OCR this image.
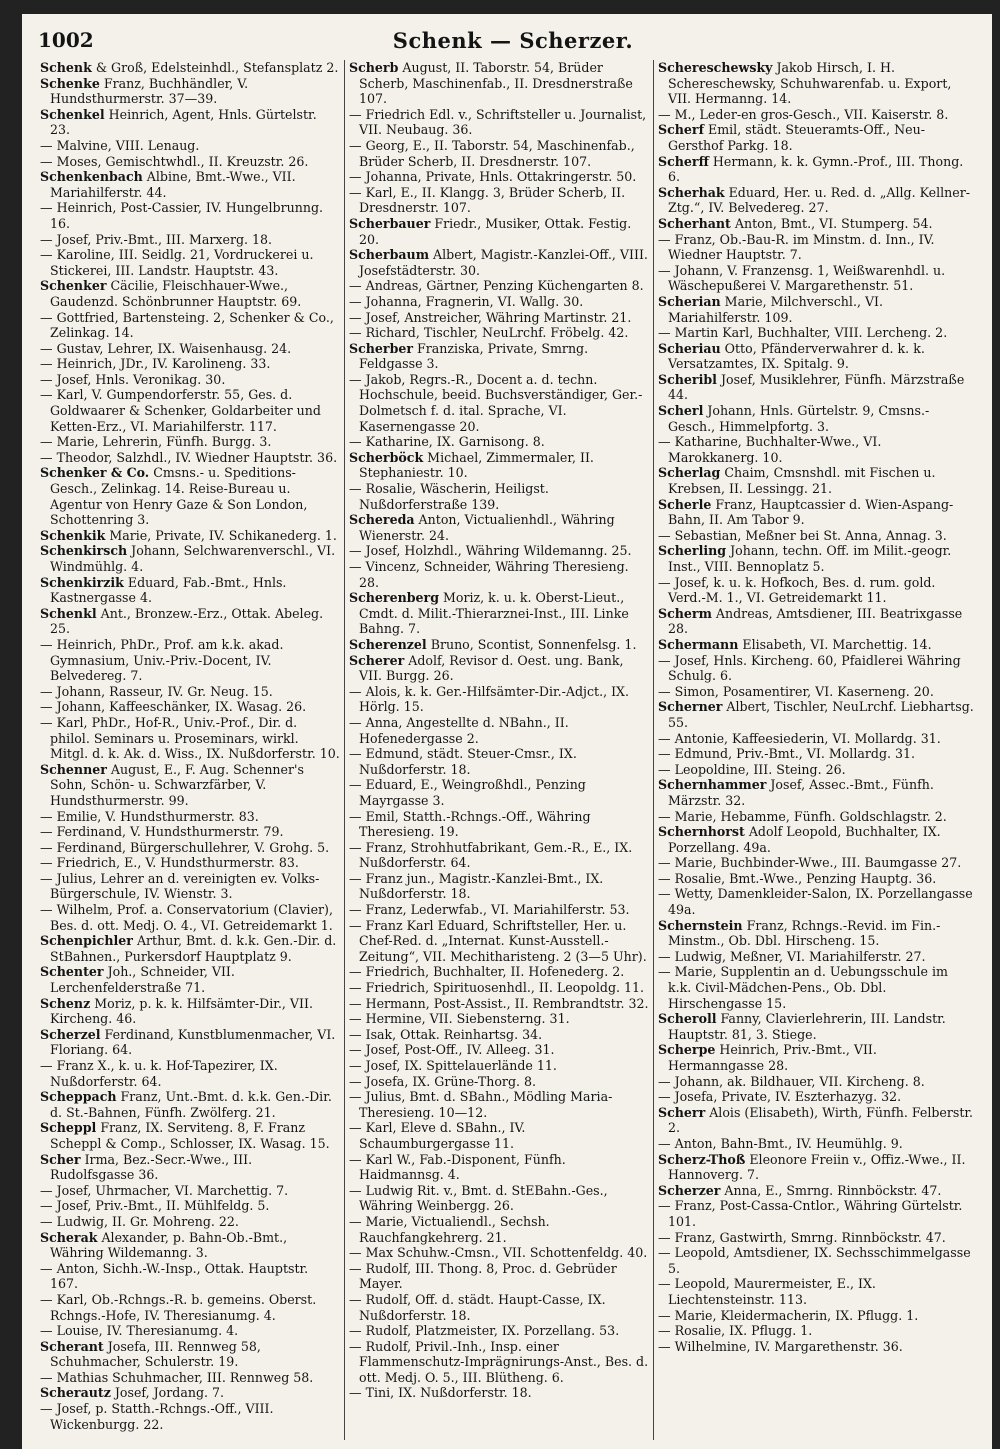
1002	Schenk — Scherzer.

Schenk & Groß, Edelsteinhdl., Stefansplatz 2.

Schenke Franz, Buchhändler, V. Hundsthurmerstr. 37—39.

Schenkel Heinrich, Agent, Hnls. Gürtelstr. 23.

— Malvine, VIII. Lenaug.

— Moses, Gemischtwhdl., II. Kreuzstr. 26.

Schenkenbach Albine, Bmt.-Wwe., VII. Mariahilferstr. 44.

— Heinrich, Post-Cassier, IV. Hungelbrunng. 16.

— Josef, Priv.-Bmt., III. Marxerg. 18.

— Karoline, III. Seidlg. 21, Vordruckerei u. Stickerei, III. Landstr. Hauptstr. 43.

Schenker Cäcilie, Fleischhauer-Wwe., Gaudenzd. Schönbrunner Hauptstr. 69.

— Gottfried, Bartensteing. 2, Schenker & Co., Zelinkag. 14.

— Gustav, Lehrer, IX. Waisenhausg. 24.

— Heinrich, JDr., IV. Karolineng. 33.

— Josef, Hnls. Veronikag. 30.

— Karl, V. Gumpendorferstr. 55, Ges. d. Goldwaarer & Schenker, Goldarbeiter und Ketten-Erz., VI. Mariahilferstr. 117.

— Marie, Lehrerin, Fünfh. Burgg. 3.

— Theodor, Salzhdl., IV. Wiedner Hauptstr. 36.

Schenker & Co. Cmsns.- u. Speditions-Gesch., Zelinkag. 14. Reise-Bureau u. Agentur von Henry Gaze & Son London, Schottenring 3.

Schenkik Marie, Private, IV. Schikanederg. 1.

Schenkirsch Johann, Selchwarenverschl., VI. Windmühlg. 4.

Schenkirzik Eduard, Fab.-Bmt., Hnls. Kastnergasse 4.

Schenkl Ant., Bronzew.-Erz., Ottak. Abeleg. 25.

— Heinrich, PhDr., Prof. am k.k. akad. Gymnasium, Univ.-Priv.-Docent, IV. Belvedereg. 7.

— Johann, Rasseur, IV. Gr. Neug. 15.

— Johann, Kaffeeschänker, IX. Wasag. 26.

— Karl, PhDr., Hof-R., Univ.-Prof., Dir. d. philol. Seminars u. Proseminars, wirkl. Mitgl. d. k. Ak. d. Wiss., IX. Nußdorferstr. 10.

Schenner August, E., F. Aug. Schenner's Sohn, Schön- u. Schwarzfärber, V. Hundsthurmerstr. 99.

— Emilie, V. Hundsthurmerstr. 83.

— Ferdinand, V. Hundsthurmerstr. 79.

— Ferdinand, Bürgerschullehrer, V. Grohg. 5.

— Friedrich, E., V. Hundsthurmerstr. 83.

— Julius, Lehrer an d. vereinigten ev. Volks-Bürgerschule, IV. Wienstr. 3.

— Wilhelm, Prof. a. Conservatorium (Clavier), Bes. d. ott. Medj. O. 4., VI. Getreidemarkt 1.

Schenpichler Arthur, Bmt. d. k.k. Gen.-Dir. d. StBahnen., Purkersdorf Hauptplatz 9.

Schenter Joh., Schneider, VII. Lerchenfelderstraße 71.

Schenz Moriz, p. k. k. Hilfsämter-Dir., VII. Kircheng. 46.

Scherzel Ferdinand, Kunstblumenmacher, VI. Floriang. 64.

— Franz X., k. u. k. Hof-Tapezirer, IX. Nußdorferstr. 64.

Scheppach Franz, Unt.-Bmt. d. k.k. Gen.-Dir. d. St.-Bahnen, Fünfh. Zwölferg. 21.

Scheppl Franz, IX. Serviteng. 8, F. Franz Scheppl & Comp., Schlosser, IX. Wasag. 15.

Scher Irma, Bez.-Secr.-Wwe., III. Rudolfsgasse 36.

— Josef, Uhrmacher, VI. Marchettig. 7.

— Josef, Priv.-Bmt., II. Mühlfeldg. 5.

— Ludwig, II. Gr. Mohreng. 22.

Scherak Alexander, p. Bahn-Ob.-Bmt., Währing Wildemanng. 3.

— Anton, Sichh.-W.-Insp., Ottak. Hauptstr. 167.

— Karl, Ob.-Rchngs.-R. b. gemeins. Oberst. Rchngs.-Hofe, IV. Theresianumg. 4.

— Louise, IV. Theresianumg. 4.

Scherant Josefa, III. Rennweg 58, Schuhmacher, Schulerstr. 19.

— Mathias Schuhmacher, III. Rennweg 58.

Scherautz Josef, Jordang. 7.

— Josef, p. Statth.-Rchngs.-Off., VIII. Wickenburgg. 22.

Scherb August, II. Taborstr. 54, Brüder Scherb, Maschinenfab., II. Dresdnerstraße 107.

— Friedrich Edl. v., Schriftsteller u. Journalist, VII. Neubaug. 36.

— Georg, E., II. Taborstr. 54, Maschinenfab., Brüder Scherb, II. Dresdnerstr. 107.

— Johanna, Private, Hnls. Ottakringerstr. 50.

— Karl, E., II. Klangg. 3, Brüder Scherb, II. Dresdnerstr. 107.

Scherbauer Friedr., Musiker, Ottak. Festig. 20.

Scherbaum Albert, Magistr.-Kanzlei-Off., VIII. Josefstädterstr. 30.

— Andreas, Gärtner, Penzing Küchengarten 8.

— Johanna, Fragnerin, VI. Wallg. 30.

— Josef, Anstreicher, Währing Martinstr. 21.

— Richard, Tischler, NeuLrchf. Fröbelg. 42.

Scherber Franziska, Private, Smrng. Feldgasse 3.

— Jakob, Regrs.-R., Docent a. d. techn. Hochschule, beeid. Buchsverständiger, Ger.-Dolmetsch f. d. ital. Sprache, VI. Kasernengasse 20.

— Katharine, IX. Garnisong. 8.

Scherböck Michael, Zimmermaler, II. Stephaniestr. 10.

— Rosalie, Wäscherin, Heiligst. Nußdorferstraße 139.

Schereda Anton, Victualienhdl., Währing Wienerstr. 24.

— Josef, Holzhdl., Währing Wildemanng. 25.

— Vincenz, Schneider, Währing Theresieng. 28.

Scherenberg Moriz, k. u. k. Oberst-Lieut., Cmdt. d. Milit.-Thierarznei-Inst., III. Linke Bahng. 7.

Scherenzel Bruno, Scontist, Sonnenfelsg. 1.

Scherer Adolf, Revisor d. Oest. ung. Bank, VII. Burgg. 26.

— Alois, k. k. Ger.-Hilfsämter-Dir.-Adjct., IX. Hörlg. 15.

— Anna, Angestellte d. NBahn., II. Hofenedergasse 2.

— Edmund, städt. Steuer-Cmsr., IX. Nußdorferstr. 18.

— Eduard, E., Weingroßhdl., Penzing Mayrgasse 3.

— Emil, Statth.-Rchngs.-Off., Währing Theresieng. 19.

— Franz, Strohhutfabrikant, Gem.-R., E., IX. Nußdorferstr. 64.

— Franz jun., Magistr.-Kanzlei-Bmt., IX. Nußdorferstr. 18.

— Franz, Lederwfab., VI. Mariahilferstr. 53.

— Franz Karl Eduard, Schriftsteller, Her. u. Chef-Red. d. „Internat. Kunst-Ausstell.-Zeitung“, VII. Mechitharisteng. 2 (3—5 Uhr).

— Friedrich, Buchhalter, II. Hofenederg. 2.

— Friedrich, Spirituosenhdl., II. Leopoldg. 11.

— Hermann, Post-Assist., II. Rembrandtstr. 32.

— Hermine, VII. Siebensterng. 31.

— Isak, Ottak. Reinhartsg. 34.

— Josef, Post-Off., IV. Alleeg. 31.

— Josef, IX. Spittelauerlände 11.

— Josefa, IX. Grüne-Thorg. 8.

— Julius, Bmt. d. SBahn., Mödling Maria-Theresieng. 10—12.

— Karl, Eleve d. SBahn., IV. Schaumburgergasse 11.

— Karl W., Fab.-Disponent, Fünfh. Haidmannsg. 4.

— Ludwig Rit. v., Bmt. d. StEBahn.-Ges., Währing Weinbergg. 26.

— Marie, Victualiendl., Sechsh. Rauchfangkehrerg. 21.

— Max Schuhw.-Cmsn., VII. Schottenfeldg. 40.

— Rudolf, III. Thong. 8, Proc. d. Gebrüder Mayer.

— Rudolf, Off. d. städt. Haupt-Casse, IX. Nußdorferstr. 18.

— Rudolf, Platzmeister, IX. Porzellang. 53.

— Rudolf, Privil.-Inh., Insp. einer Flammenschutz-Imprägnirungs-Anst., Bes. d. ott. Medj. O. 5., III. Blütheng. 6.

— Tini, IX. Nußdorferstr. 18.

Schereschewsky Jakob Hirsch, I. H. Schereschewsky, Schuhwarenfab. u. Export, VII. Hermanng. 14.

— M., Leder-en gros-Gesch., VII. Kaiserstr. 8.

Scherf Emil, städt. Steueramts-Off., Neu-Gersthof Parkg. 18.

Scherff Hermann, k. k. Gymn.-Prof., III. Thong. 6.

Scherhak Eduard, Her. u. Red. d. „Allg. Kellner-Ztg.“, IV. Belvedereg. 27.

Scherhant Anton, Bmt., VI. Stumperg. 54.

— Franz, Ob.-Bau-R. im Minstm. d. Inn., IV. Wiedner Hauptstr. 7.

— Johann, V. Franzensg. 1, Weißwarenhdl. u. Wäschepußerei V. Margarethenstr. 51.

Scherian Marie, Milchverschl., VI. Mariahilferstr. 109.

— Martin Karl, Buchhalter, VIII. Lercheng. 2.

Scheriau Otto, Pfänderverwahrer d. k. k. Versatzamtes, IX. Spitalg. 9.

Scheribl Josef, Musiklehrer, Fünfh. Märzstraße 44.

Scherl Johann, Hnls. Gürtelstr. 9, Cmsns.-Gesch., Himmelpfortg. 3.

— Katharine, Buchhalter-Wwe., VI. Marokkanerg. 10.

Scherlag Chaim, Cmsnshdl. mit Fischen u. Krebsen, II. Lessingg. 21.

Scherle Franz, Hauptcassier d. Wien-Aspang-Bahn, II. Am Tabor 9.

— Sebastian, Meßner bei St. Anna, Annag. 3.

Scherling Johann, techn. Off. im Milit.-geogr. Inst., VIII. Bennoplatz 5.

— Josef, k. u. k. Hofkoch, Bes. d. rum. gold. Verd.-M. 1., VI. Getreidemarkt 11.

Scherm Andreas, Amtsdiener, III. Beatrixgasse 28.

Schermann Elisabeth, VI. Marchettig. 14.

— Josef, Hnls. Kircheng. 60, Pfaidlerei Währing Schulg. 6.

— Simon, Posamentirer, VI. Kaserneng. 20.

Scherner Albert, Tischler, NeuLrchf. Liebhartsg. 55.

— Antonie, Kaffeesiederin, VI. Mollardg. 31.

— Edmund, Priv.-Bmt., VI. Mollardg. 31.

— Leopoldine, III. Steing. 26.

Schernhammer Josef, Assec.-Bmt., Fünfh. Märzstr. 32.

— Marie, Hebamme, Fünfh. Goldschlagstr. 2.

Schernhorst Adolf Leopold, Buchhalter, IX. Porzellang. 49a.

— Marie, Buchbinder-Wwe., III. Baumgasse 27.

— Rosalie, Bmt.-Wwe., Penzing Hauptg. 36.

— Wetty, Damenkleider-Salon, IX. Porzellangasse 49a.

Schernstein Franz, Rchngs.-Revid. im Fin.-Minstm., Ob. Dbl. Hirscheng. 15.

— Ludwig, Meßner, VI. Mariahilferstr. 27.

— Marie, Supplentin an d. Uebungsschule im k.k. Civil-Mädchen-Pens., Ob. Dbl. Hirschengasse 15.

Scheroll Fanny, Clavierlehrerin, III. Landstr. Hauptstr. 81, 3. Stiege.

Scherpe Heinrich, Priv.-Bmt., VII. Hermanngasse 28.

— Johann, ak. Bildhauer, VII. Kircheng. 8.

— Josefa, Private, IV. Eszterhazyg. 32.

Scherr Alois (Elisabeth), Wirth, Fünfh. Felberstr. 2.

— Anton, Bahn-Bmt., IV. Heumühlg. 9.

Scherz-Thoß Eleonore Freiin v., Offiz.-Wwe., II. Hannoverg. 7.

Scherzer Anna, E., Smrng. Rinnböckstr. 47.

— Franz, Post-Cassa-Cntlor., Währing Gürtelstr. 101.

— Franz, Gastwirth, Smrng. Rinnböckstr. 47.

— Leopold, Amtsdiener, IX. Sechsschimmelgasse 5.

— Leopold, Maurermeister, E., IX. Liechtensteinstr. 113.

— Marie, Kleidermacherin, IX. Pflugg. 1.

— Rosalie, IX. Pflugg. 1.

— Wilhelmine, IV. Margarethenstr. 36.
